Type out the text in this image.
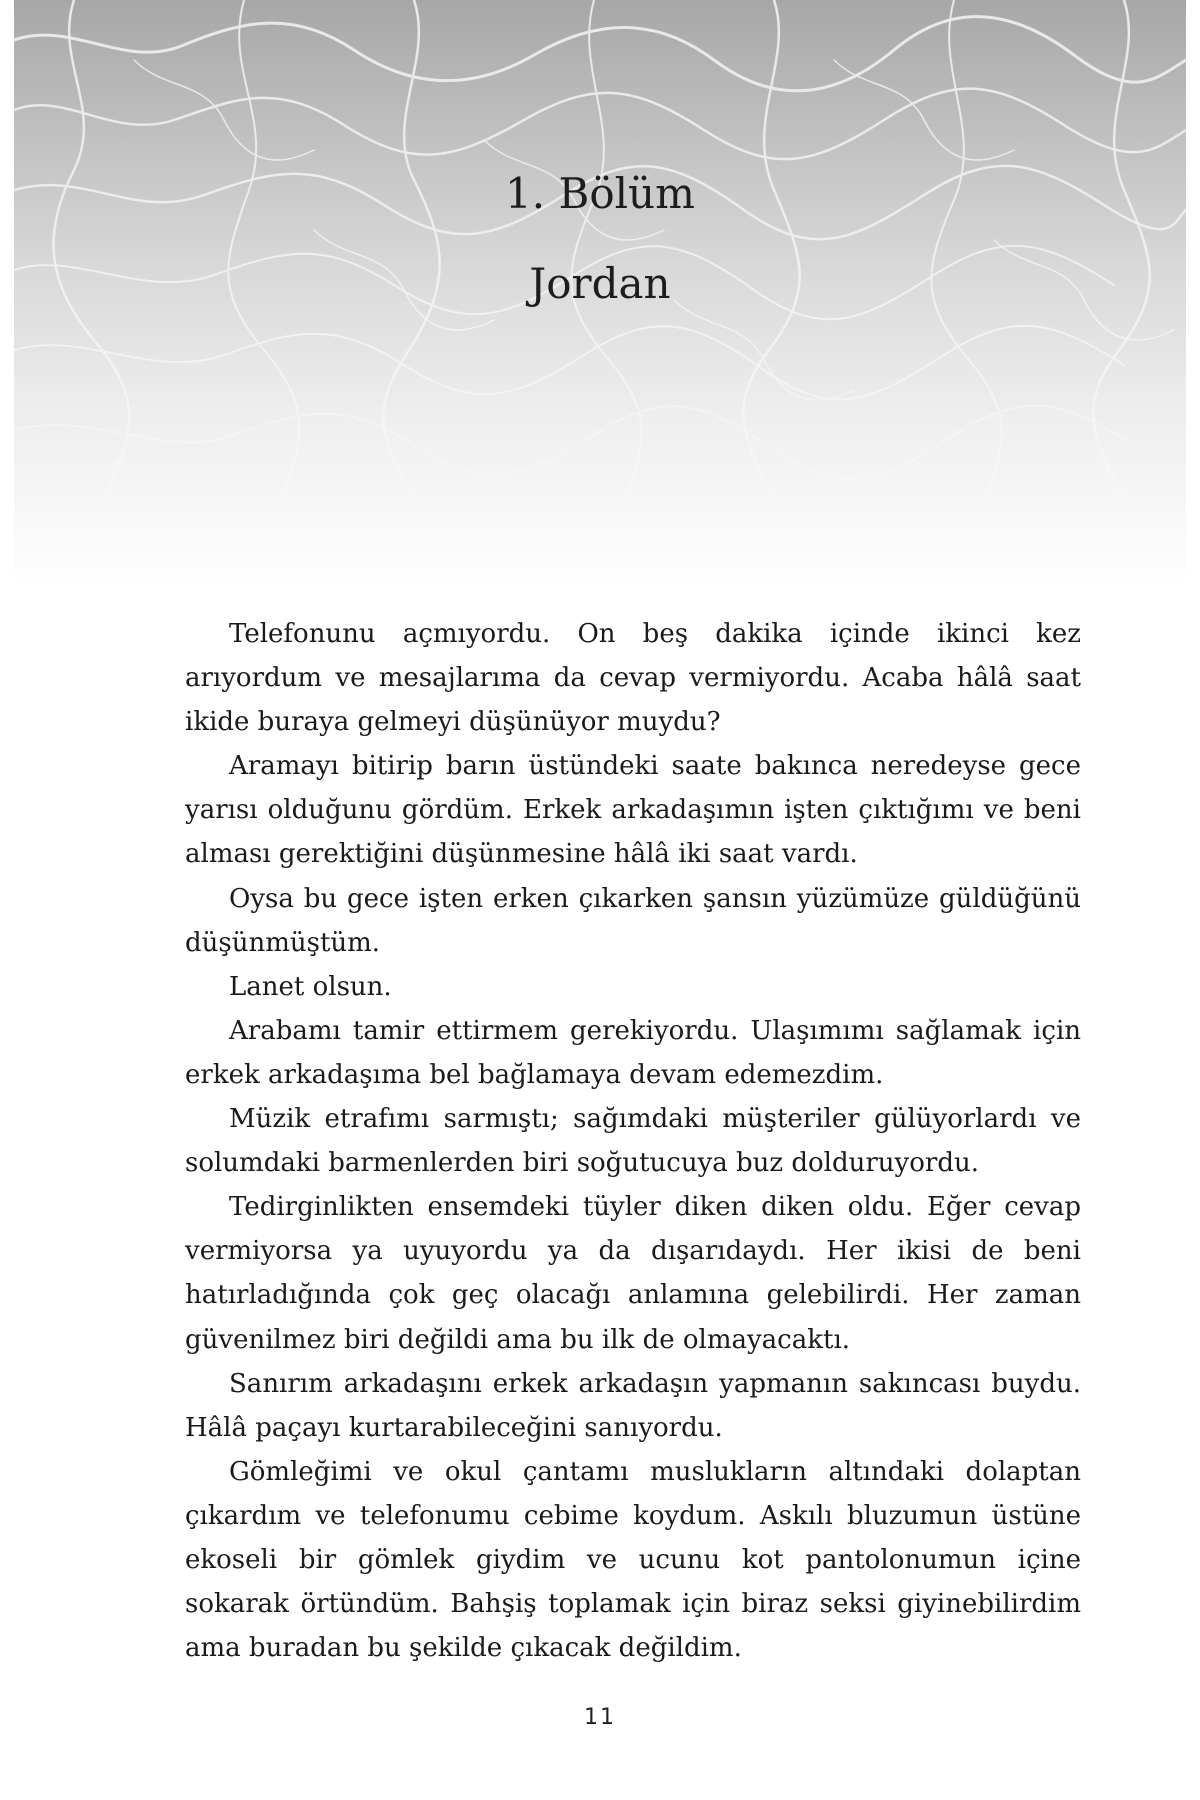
1. Bölüm
Jordan

Telefonunu açmıyordu. On beş dakika içinde ikinci kez arıyordum ve mesajlarıma da cevap vermiyordu. Acaba hâlâ saat ikide buraya gelmeyi düşünüyor muydu?

Aramayı bitirip barın üstündeki saate bakınca neredeyse gece yarısı olduğunu gördüm. Erkek arkadaşımın işten çıktığımı ve beni alması gerektiğini düşünmesine hâlâ iki saat vardı.

Oysa bu gece işten erken çıkarken şansın yüzümüze güldüğünü düşünmüştüm.

Lanet olsun.

Arabamı tamir ettirmem gerekiyordu. Ulaşımımı sağlamak için erkek arkadaşıma bel bağlamaya devam edemezdim.

Müzik etrafımı sarmıştı; sağımdaki müşteriler gülüyorlardı ve solumdaki barmenlerden biri soğutucuya buz dolduruyordu.

Tedirginlikten ensemdeki tüyler diken diken oldu. Eğer cevap vermiyorsa ya uyuyordu ya da dışarıdaydı. Her ikisi de beni hatırladığında çok geç olacağı anlamına gelebilirdi. Her zaman güvenilmez biri değildi ama bu ilk de olmayacaktı.

Sanırım arkadaşını erkek arkadaşın yapmanın sakıncası buydu. Hâlâ paçayı kurtarabileceğini sanıyordu.

Gömleğimi ve okul çantamı muslukların altındaki dolaptan çıkardım ve telefonumu cebime koydum. Askılı bluzumun üstüne ekoseli bir gömlek giydim ve ucunu kot pantolonumun içine sokarak örtündüm. Bahşiş toplamak için biraz seksi giyinebilirdim ama buradan bu şekilde çıkacak değildim.

11
